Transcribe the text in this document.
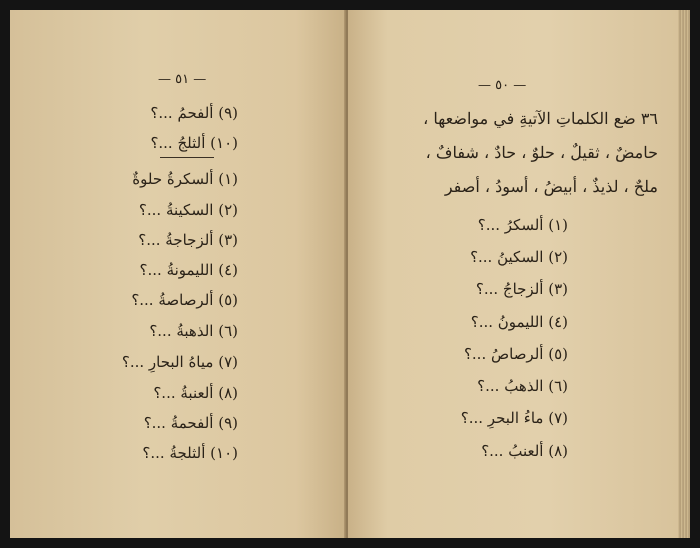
— ٥١ —
(٩) ألفحمُ ...؟
(١٠) ألثلجُ ...؟
(١) ألسكرةُ حلوةٌ
(٢) السكينةُ ...؟
(٣) ألزجاجةُ ...؟
(٤) الليمونةُ ...؟
(٥) ألرصاصةُ ...؟
(٦) الذهبةُ ...؟
(٧) مياهُ البحارِ ...؟
(٨) ألعنبةُ ...؟
(٩) ألفحمةُ ...؟
(١٠) ألثلجةُ ...؟
— ٥٠ —
٣٦ ضع الكلماتِ الآتيةِ في مواضعها ،
حامضٌ ، ثقيلٌ ، حلوٌ ، حادٌ ، شفافٌ ،
ملحٌ ، لذيذٌ ، أبيضُ ، أسودُ ، أصفر
(١) ألسكرُ ...؟
(٢) السكينُ ...؟
(٣) ألزجاجُ ...؟
(٤) الليمونُ ...؟
(٥) ألرصاصُ ...؟
(٦) الذهبُ ...؟
(٧) ماءُ البحرِ ...؟
(٨) ألعنبُ ...؟
